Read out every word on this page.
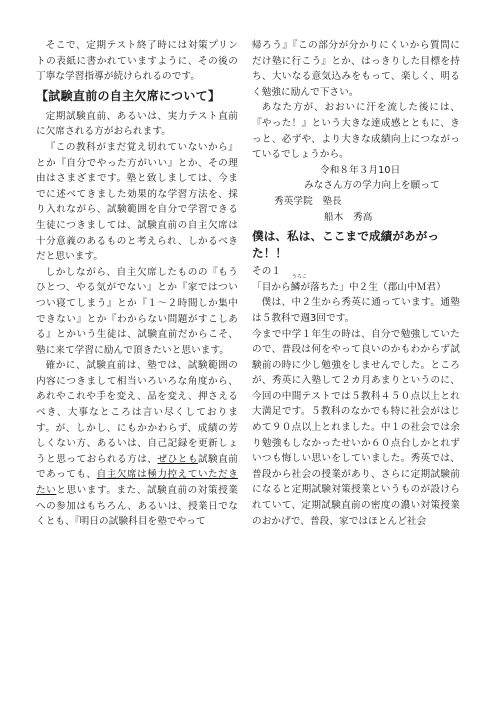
そこで、定期テスト終了時には対策プリントの表紙に書かれていますように、その後の丁寧な学習指導が続けられるのです。

【試験直前の自主欠席について】

定期試験直前、あるいは、実力テスト直前に欠席される方がおられます。

『この教科がまだ覚え切れていないから』とか『自分でやった方がいい』とか、その理由はさまざまです。塾と致しましては、今までに述べてきました効果的な学習方法を、採り入れながら、試験範囲を自分で学習できる生徒につきましては、試験直前の自主欠席は十分意義のあるものと考えられ、しかるべきだと思います。

しかしながら、自主欠席したものの『もうひとつ、やる気がでない』とか『家ではついつい寝てしまう』とか『１～２時間しか集中できない』とか『わからない問題がすこしある』とかいう生徒は、試験直前だからこそ、塾に来て学習に励んで頂きたいと思います。

確かに、試験直前は、塾では、試験範囲の内容につきまして相当いろいろな角度から、あれやこれや手を変え、品を変え、押さえるべき、大事なところは言い尽くしております。が、しかし、にもかかわらず、成績の芳しくない方、あるいは、自己記録を更新しょうと思っておられる方は、ぜひとも試験直前であっても、自主欠席は極力控えていただきたいと思います。また、試験直前の対策授業への参加はもちろん、あるいは、授業日でなくとも、『明日の試験科目を塾でやって

帰ろう』『この部分が分かりにくいから質問にだけ塾に行こう』とか、はっきりした目標を持ち、大いなる意気込みをもって、楽しく、明るく勉強に励んで下さい。

あなた方が、おおいに汗を流した後には、『やった！』という大きな達成感とともに、きっと、必ずや、より大きな成績向上につながっているでしょうから。

令和８年３月10日

みなさん方の学力向上を願って

秀英学院　塾長

船木　秀高

僕は、私は、ここまで成績があがった！！

その１

「目から
うろこ
鱗が落ちた」中２生（郡山中Ｍ君）

僕は、中２生から秀英に通っています。通塾は５教科で週3回です。

今まで中学１年生の時は、自分で勉強していたので、普段は何をやって良いのかもわからず試験前の時に少し勉強をしませんでした。ところが、秀英に入塾して２カ月あまりというのに、今回の中間テストでは５教科４５０点以上とれ大満足です。５教科のなかでも特に社会がはじめて９０点以上とれました。中１の社会では余り勉強もしなかったせいか６０点台しかとれずいつも悔しい思いをしていました。秀英では、普段から社会の授業があり、さらに定期試験前になると定期試験対策授業というものが設けられていて、定期試験直前の密度の濃い対策授業のおかげで、普段、家ではほとんど社会
